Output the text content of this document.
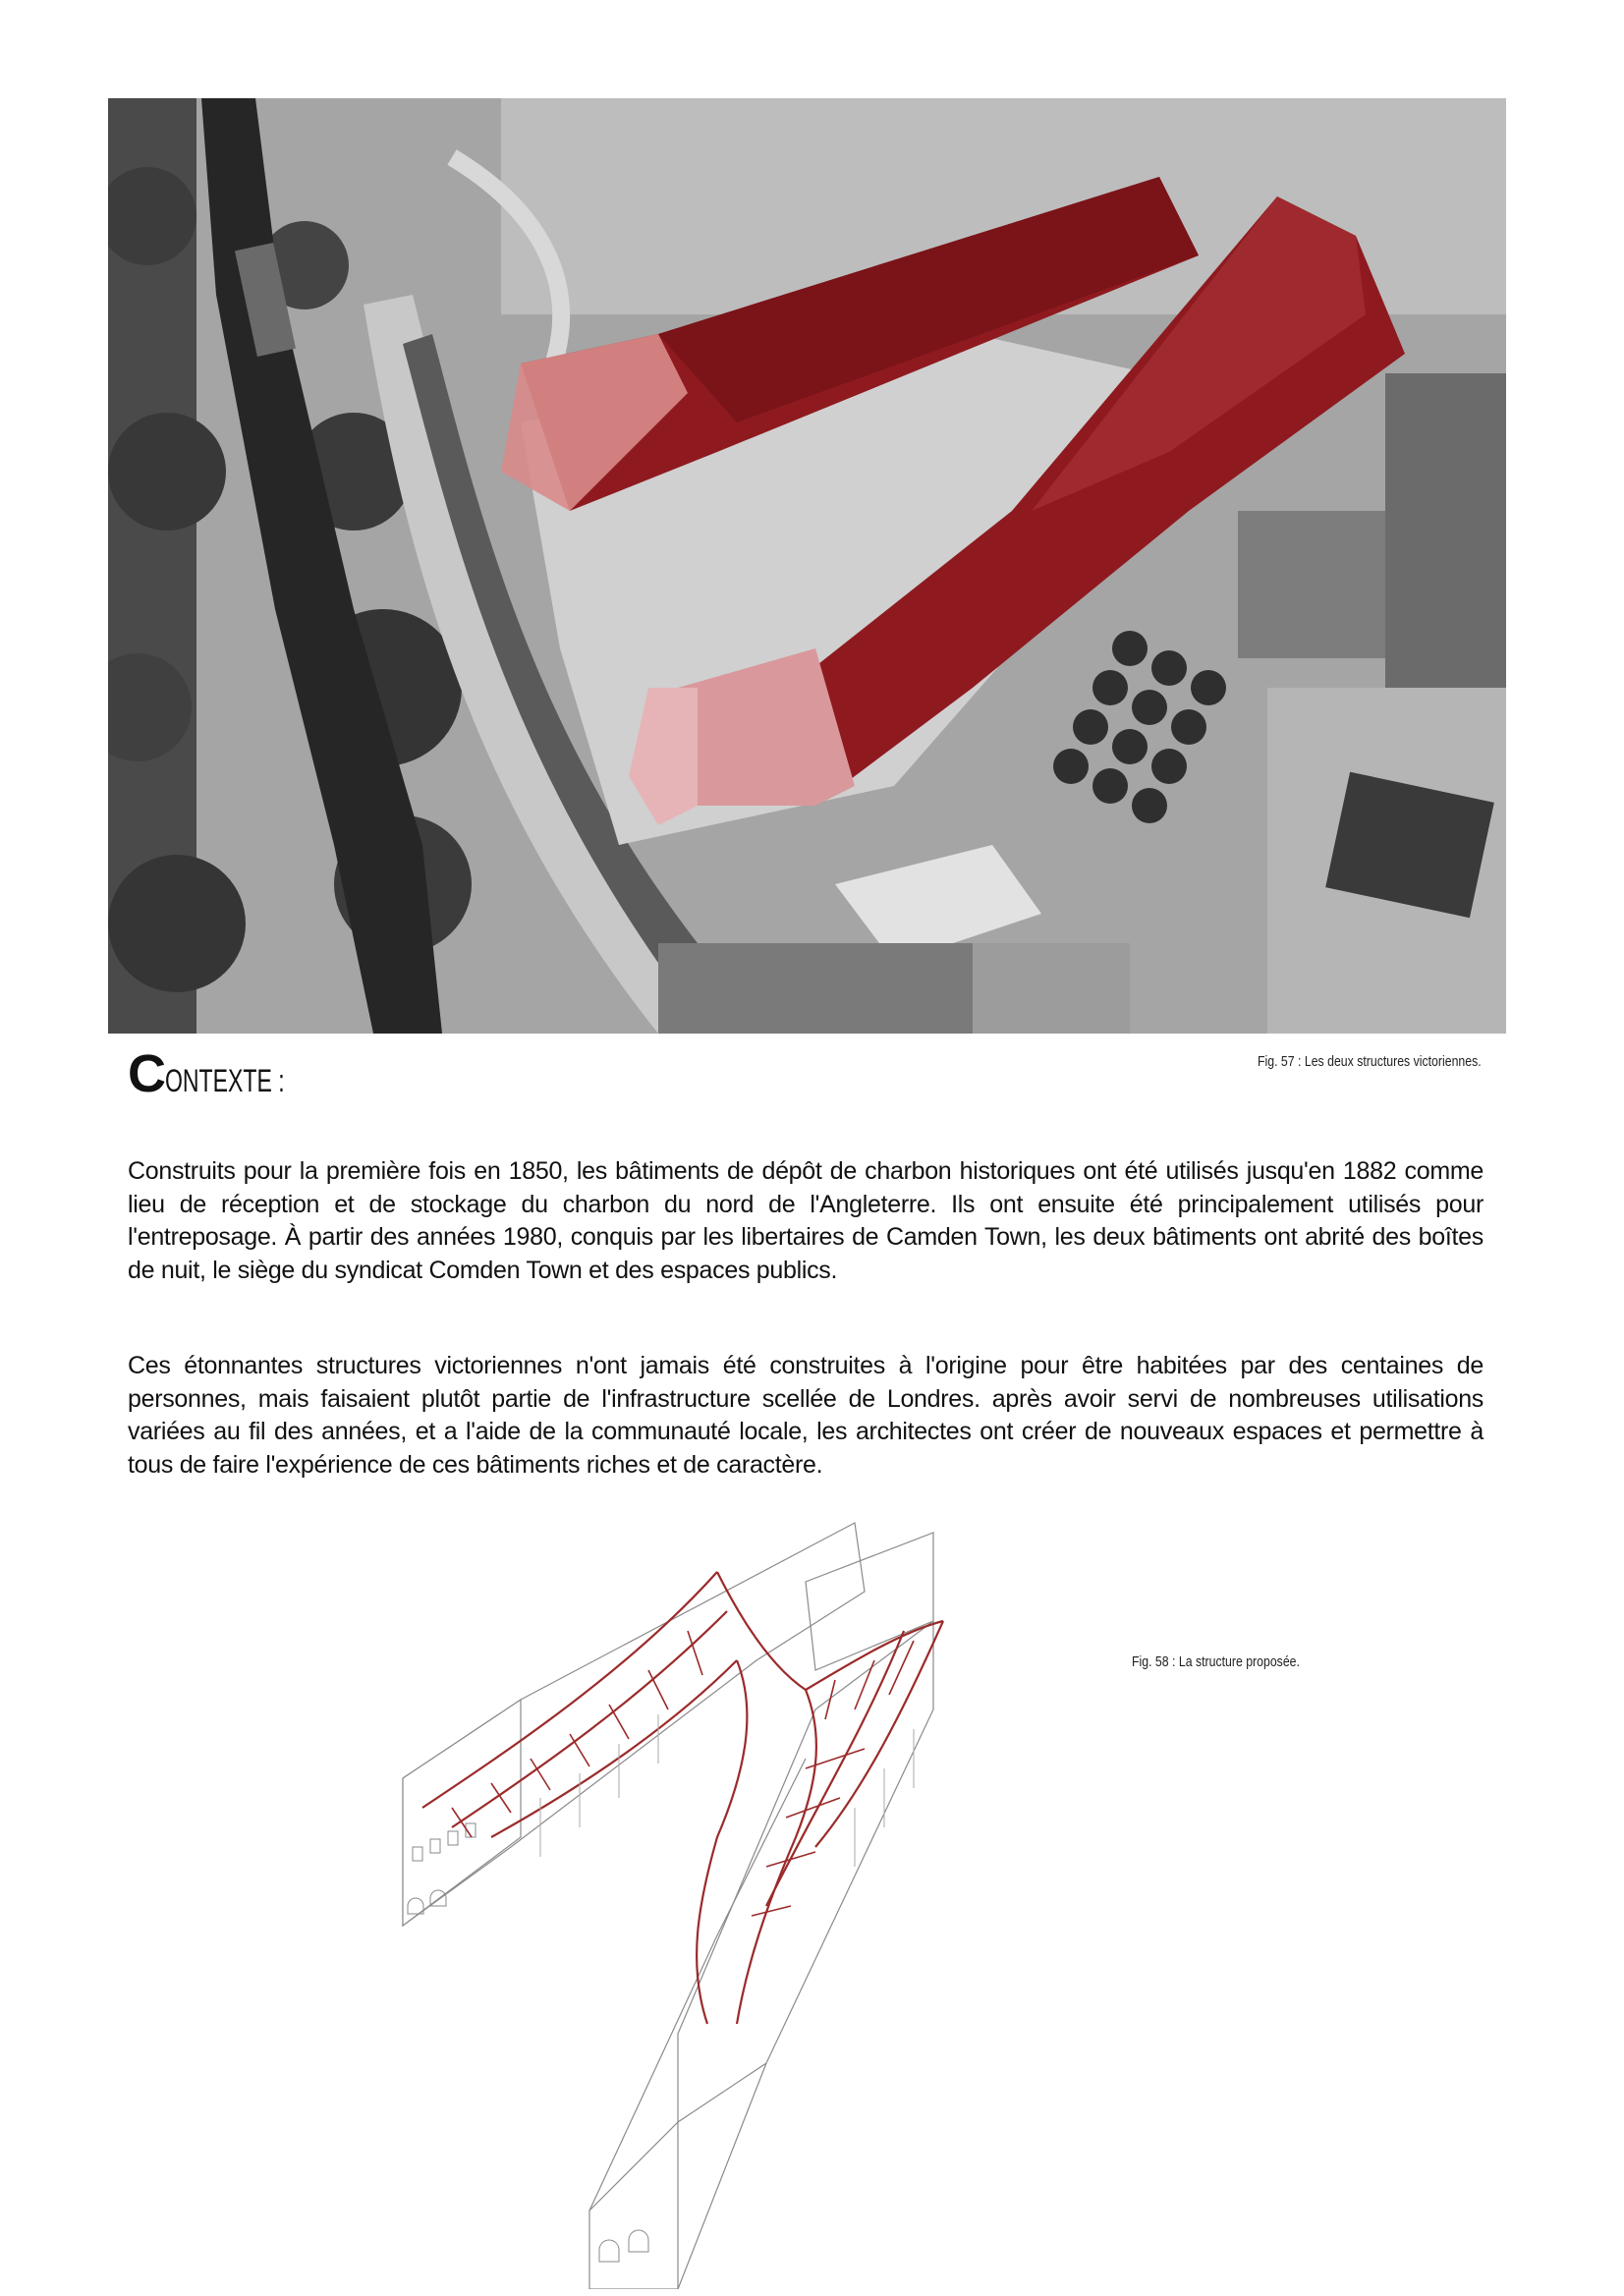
CONTEXTE :
Fig. 57 : Les deux structures victoriennes.

Construits pour la première fois en 1850, les bâtiments de dépôt de charbon historiques ont été utilisés jusqu'en 1882 comme lieu de réception et de stockage du charbon du nord de l'Angleterre. Ils ont ensuite été principalement utilisés pour l'entreposage. À partir des années 1980, conquis par les libertaires de Camden Town, les deux bâtiments ont abrité des boîtes de nuit, le siège du syndicat Comden Town et des espaces publics.

Ces étonnantes structures victoriennes n'ont jamais été construites à l'origine pour être habitées par des centaines de personnes, mais faisaient plutôt partie de l'infrastructure scellée de Londres. après avoir servi de nombreuses utilisations variées au fil des années, et a l'aide de la communauté locale, les architectes ont créer de nouveaux espaces et permettre à tous de faire l'expérience de ces bâtiments riches et de caractère.

Fig. 58 : La structure proposée.
